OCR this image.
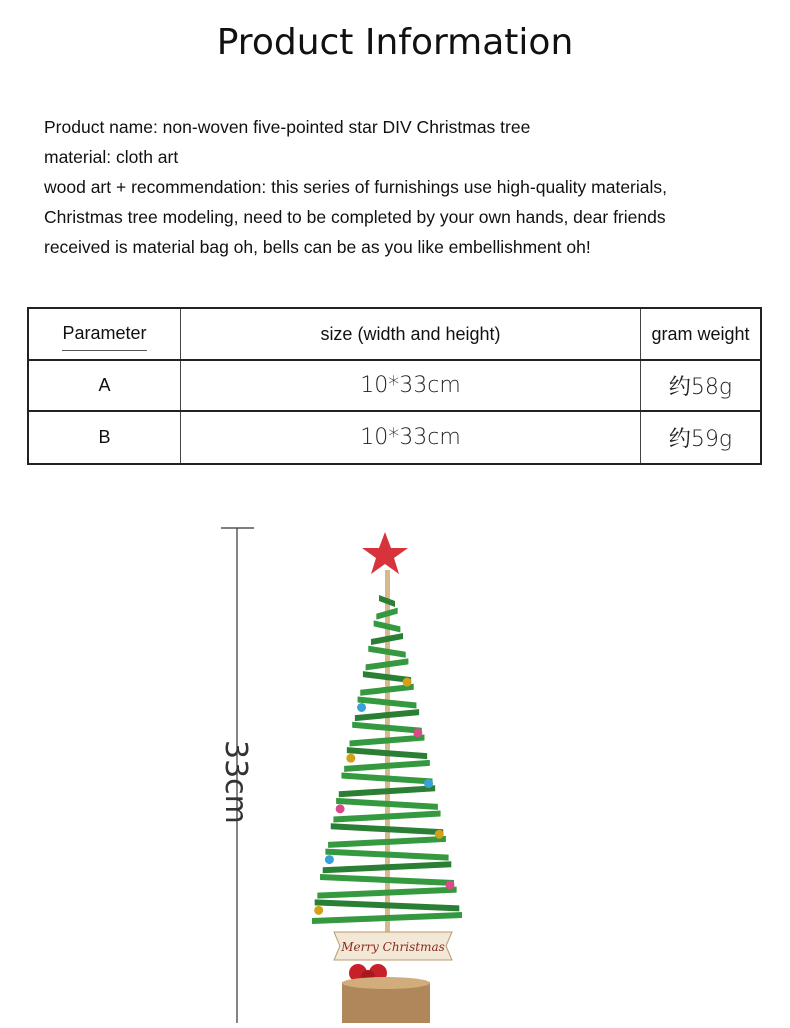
Product Information
Product name: non-woven five-pointed star DIV Christmas tree
material: cloth art
wood art + recommendation: this series of furnishings use high-quality materials,
Christmas tree modeling, need to be completed by your own hands, dear friends
received is material bag oh, bells can be as you like embellishment oh!
Parameter	size (width and height)	gram weight
A	10*33cm	约58g
B	10*33cm	约59g
33cm
Merry Christmas
